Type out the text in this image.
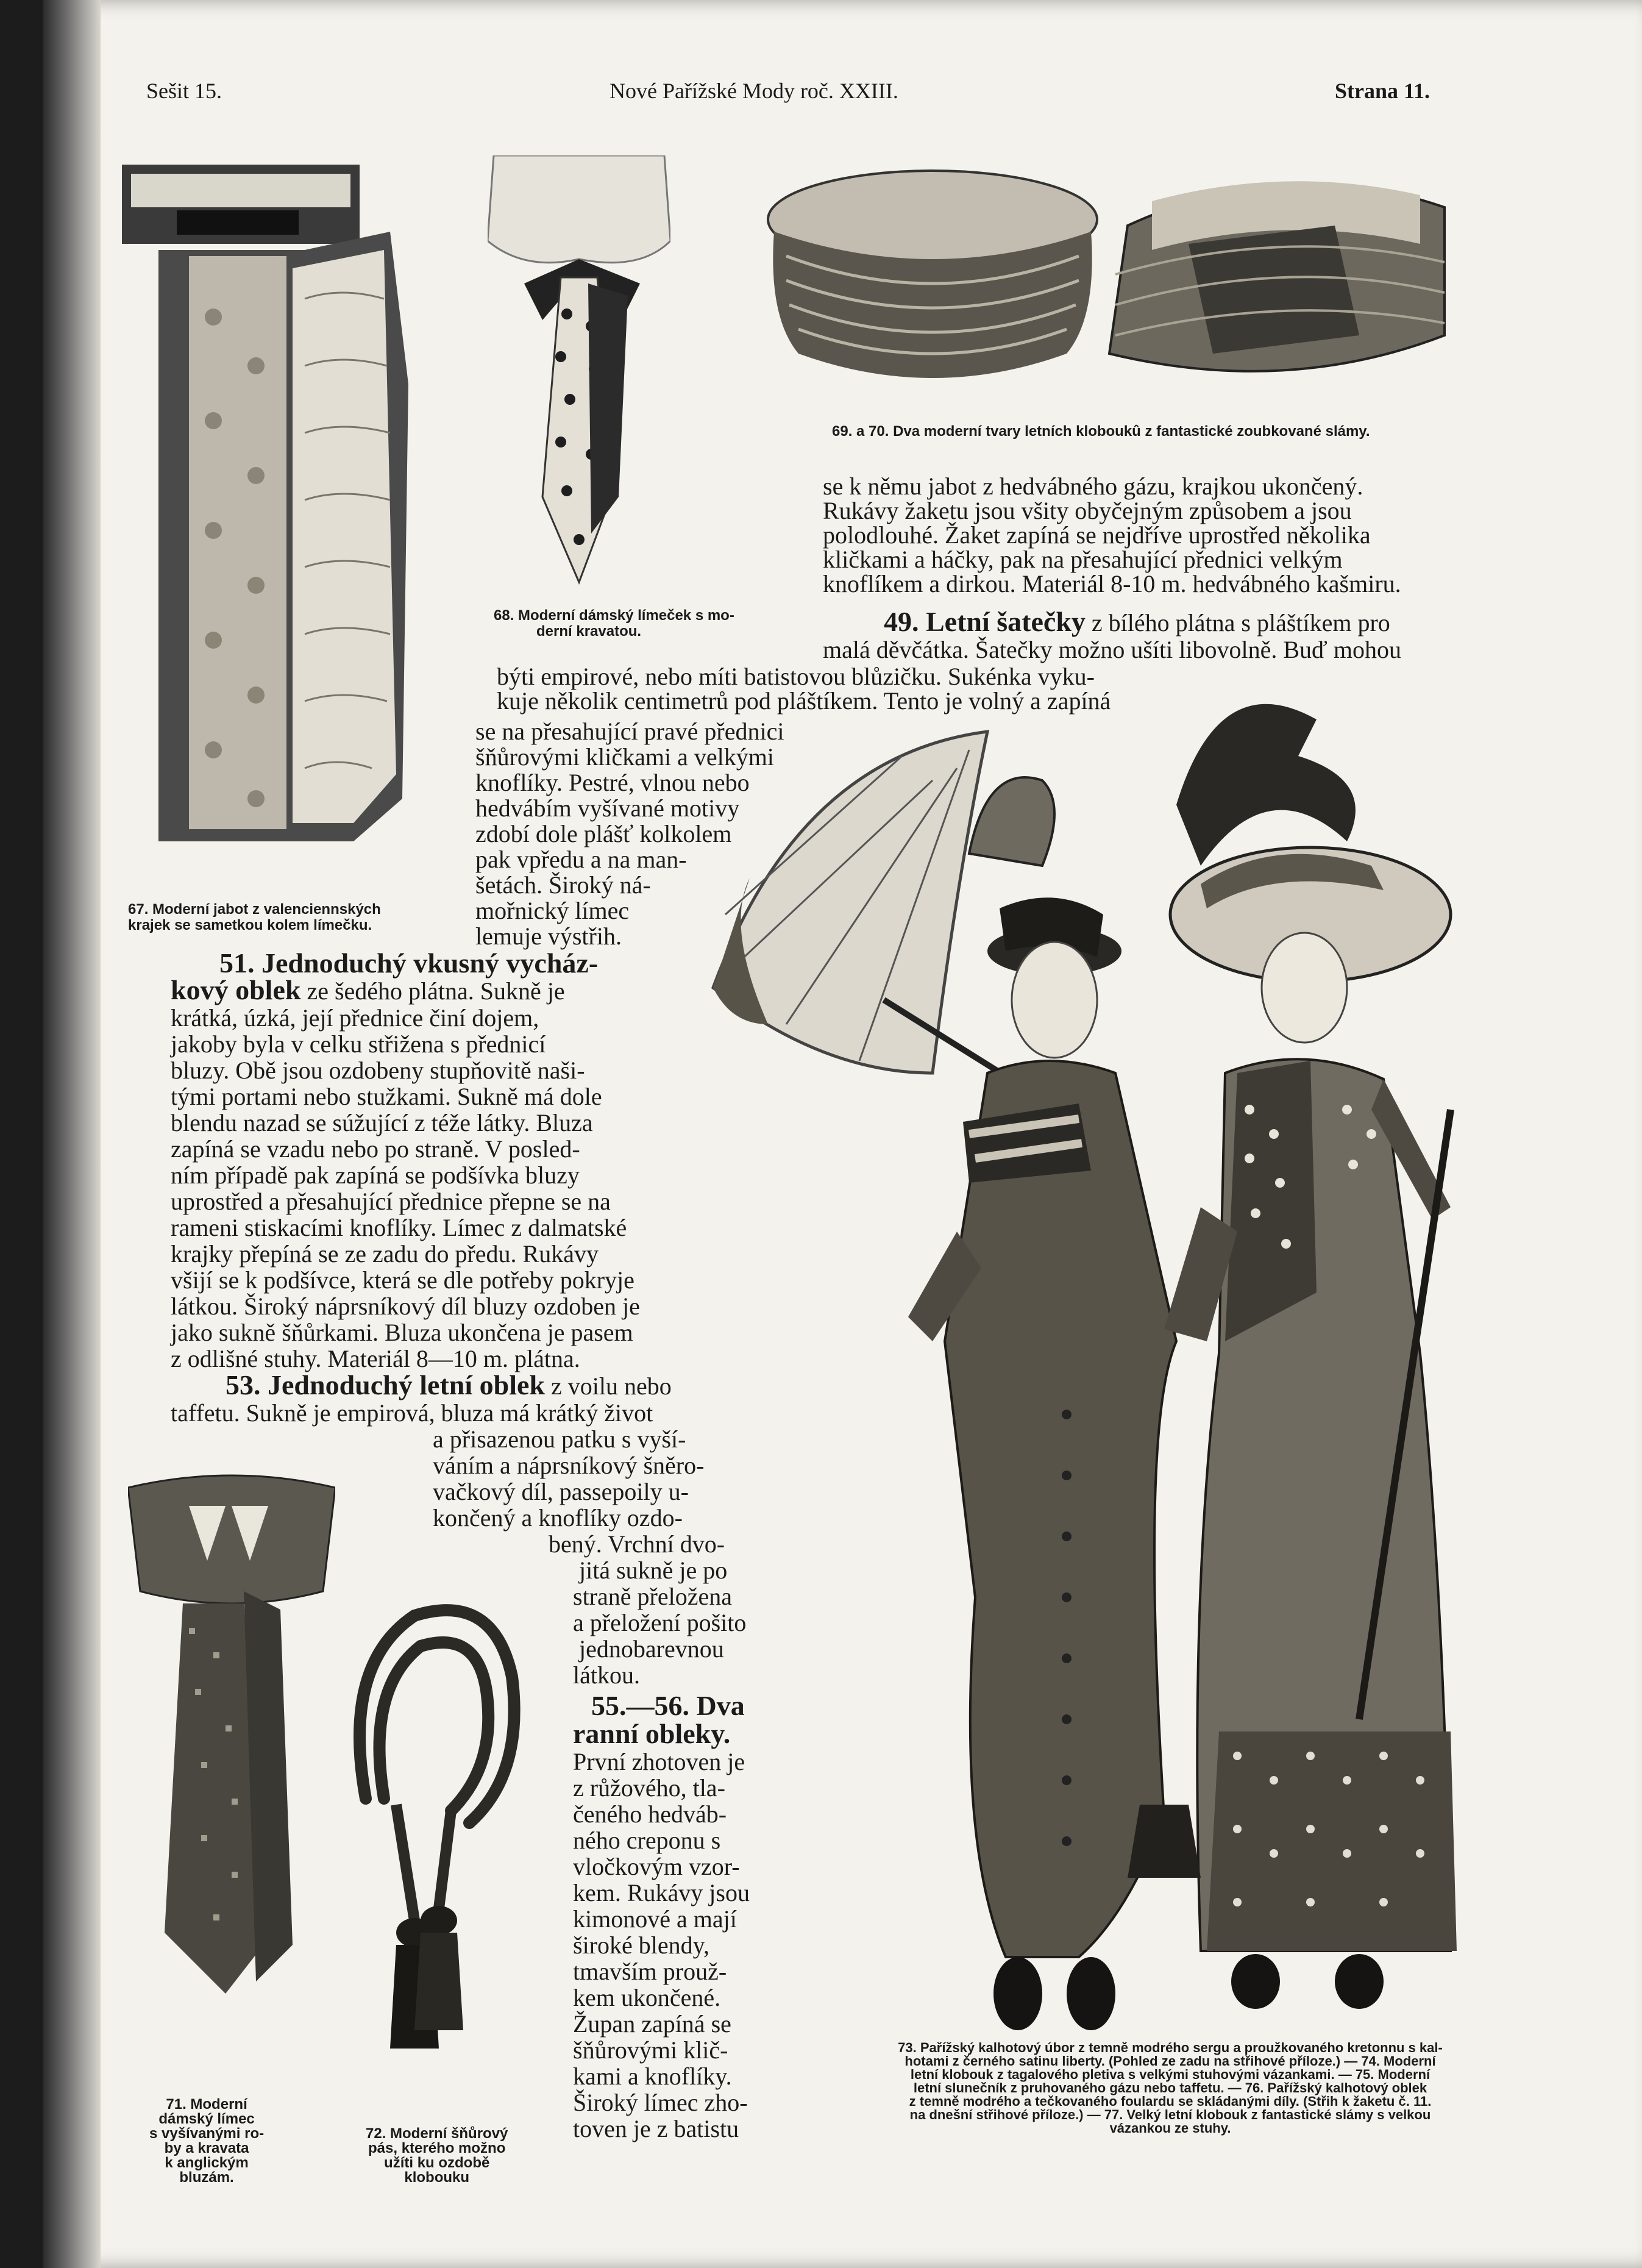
Sešit 15.	Nové Pařížské Mody roč. XXIII.	Strana 11.
67. Moderní jabot z valenciennských
krajek se sametkou kolem límečku.
68. Moderní dámský límeček s mo-
derní kravatou.
69. a 70. Dva moderní tvary letních kloboukû z fantastické zoubkované slámy.
se k němu jabot z hedvábného gázu, krajkou ukončený.
Rukávy žaketu jsou všity obyčejným způsobem a jsou
polodlouhé. Žaket zapíná se nejdříve uprostřed několika
kličkami a háčky, pak na přesahující přednici velkým
knoflíkem a dirkou. Materiál 8-10 m. hedvábného kašmiru.
49. Letní šatečky z bílého plátna s pláštíkem pro
malá děvčátka. Šatečky možno ušíti libovolně. Buď mohou
býti empirové, nebo míti batistovou blůzičku. Sukénka vyku-
kuje několik centimetrů pod pláštíkem. Tento je volný a zapíná
se na přesahující pravé přednici
šňůrovými kličkami a velkými
knoflíky. Pestré, vlnou nebo
hedvábím vyšívané motivy
zdobí dole plášť kolkolem
pak vpředu a na man-
šetách. Široký ná-
mořnický límec
lemuje výstřih.
51. Jednoduchý vkusný vycház-
kový oblek ze šedého plátna. Sukně je
krátká, úzká, její přednice činí dojem,
jakoby byla v celku střižena s přednicí
bluzy. Obě jsou ozdobeny stupňovitě naši-
tými portami nebo stužkami. Sukně má dole
blendu nazad se súžující z téže látky. Bluza
zapíná se vzadu nebo po straně. V posled-
ním případě pak zapíná se podšívka bluzy
uprostřed a přesahující přednice přepne se na
rameni stiskacími knoflíky. Límec z dalmatské
krajky přepíná se ze zadu do předu. Rukávy
všijí se k podšívce, která se dle potřeby pokryje
látkou. Široký náprsníkový díl bluzy ozdoben je
jako sukně šňůrkami. Bluza ukončena je pasem
z odlišné stuhy. Materiál 8—10 m. plátna.
53. Jednoduchý letní oblek z voilu nebo
taffetu. Sukně je empirová, bluza má krátký život
a přisazenou patku s vyší-
váním a náprsníkový šněro-
vačkový díl, passepoily u-
končený a knoflíky ozdo-
bený. Vrchní dvo-
jitá sukně je po
straně přeložena
a přeložení pošito
jednobarevnou
látkou.
55.—56. Dva
ranní obleky.
První zhotoven je
z růžového, tla-
čeného hedváb-
ného creponu s
vločkovým vzor-
kem. Rukávy jsou
kimonové a mají
široké blendy,
tmavším prouž-
kem ukončené.
Župan zapíná se
šňůrovými klič-
kami a knoflíky.
Široký límec zho-
toven je z batistu
71. Moderní
dámský límec
s vyšívanými ro-
by a kravata
k anglickým
bluzám.
72. Moderní šňůrový
pás, kterého možno
užíti ku ozdobě
klobouku
73. Pařížský kalhotový úbor z temně modrého sergu a proužkovaného kretonnu s kal-
hotami z černého satinu liberty. (Pohled ze zadu na střihové příloze.) — 74. Moderní
letní klobouk z tagalového pletiva s velkými stuhovými vázankami. — 75. Moderní
letní slunečník z pruhovaného gázu nebo taffetu. — 76. Pařížský kalhotový oblek
z temně modrého a tečkovaného foulardu se skládanými díly. (Střih k žaketu č. 11.
na dnešní střihové příloze.) — 77. Velký letní klobouk z fantastické slámy s velkou
vázankou ze stuhy.
